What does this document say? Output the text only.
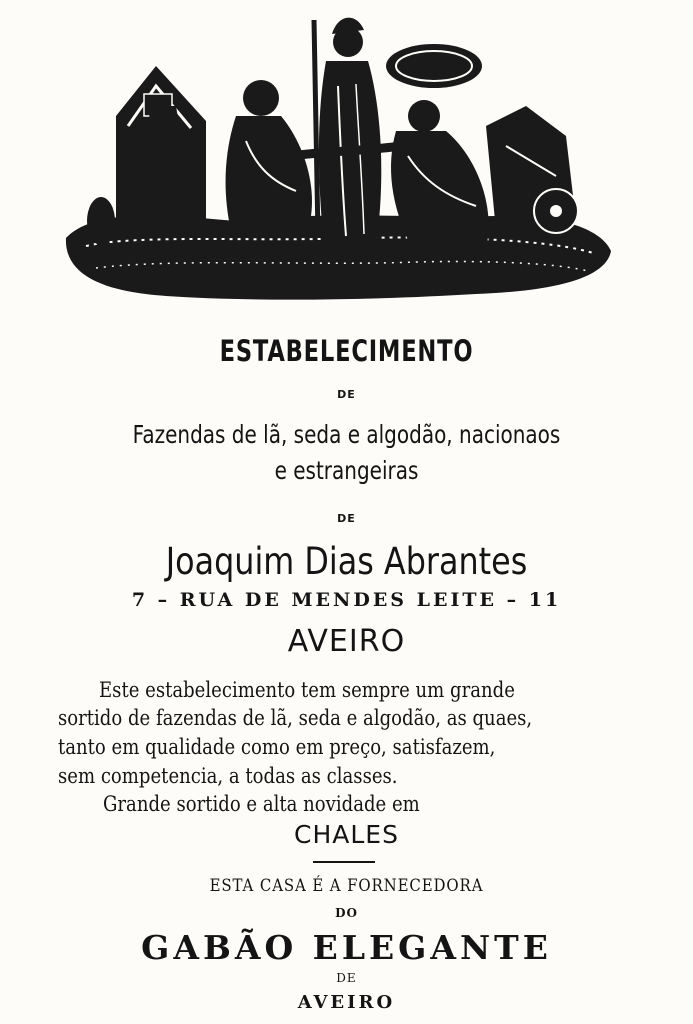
ESTABELECIMENTO
DE
Fazendas de lã, seda e algodão, nacionaos
e estrangeiras
DE
Joaquim Dias Abrantes
7 – RUA DE MENDES LEITE – 11
AVEIRO
Este estabelecimento tem sempre um grande
sortido de fazendas de lã, seda e algodão, as quaes,
tanto em qualidade como em preço, satisfazem,
sem competencia, a todas as classes.
Grande sortido e alta novidade em
CHALES
ESTA CASA É A FORNECEDORA
DO
GABÃO ELEGANTE
DE
AVEIRO
